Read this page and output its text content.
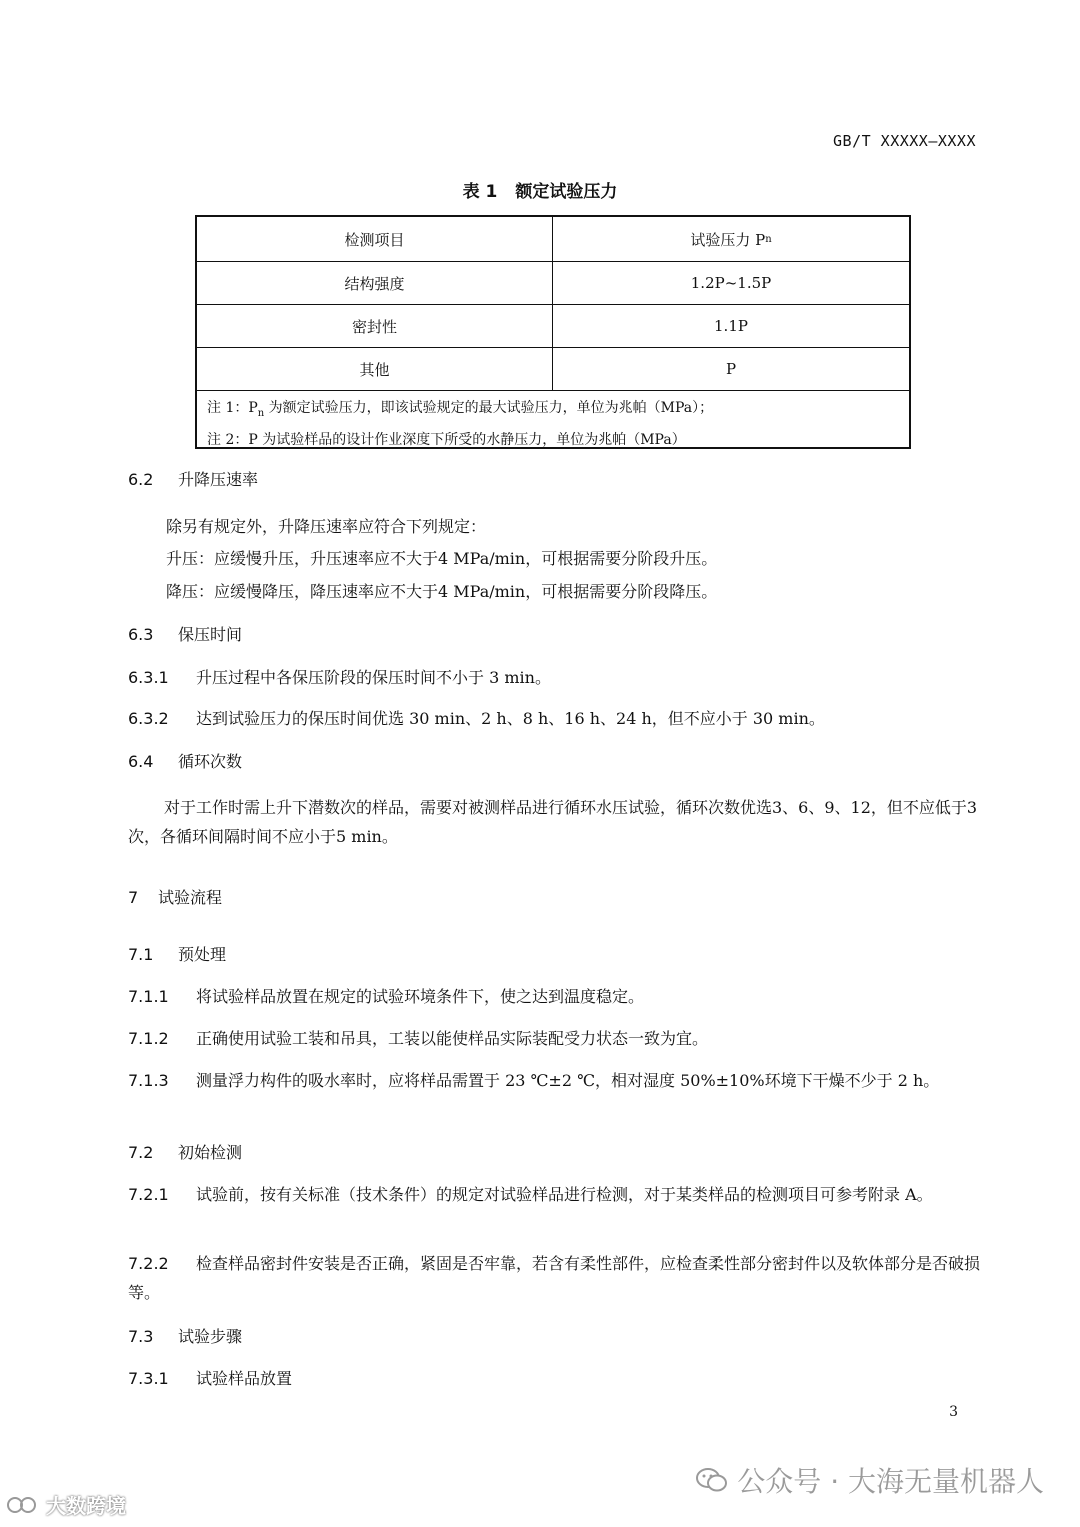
GB/T XXXXX—XXXX
表 1 额定试验压力
检测项目	试验压力 P n
结构强度	1.2P~1.5P
密封性	1.1P
其他	P
注 1：$P_n$ 为额定试验压力，即该试验规定的最大试验压力，单位为兆帕（MPa）；
注 2：P 为试验样品的设计作业深度下所受的水静压力，单位为兆帕（MPa）
6.2 升降压速率
除另有规定外，升降压速率应符合下列规定：
升压：应缓慢升压，升压速率应不大于4 MPa/min，可根据需要分阶段升压。
降压：应缓慢降压，降压速率应不大于4 MPa/min，可根据需要分阶段降压。
6.3 保压时间
6.3.1 升压过程中各保压阶段的保压时间不小于 3 min。
6.3.2 达到试验压力的保压时间优选 30 min、2 h、8 h、16 h、24 h，但不应小于 30 min。
6.4 循环次数
对于工作时需上升下潜数次的样品，需要对被测样品进行循环水压试验，循环次数优选3、6、9、12，但不应低于3次，各循环间隔时间不应小于5 min。
7 试验流程
7.1 预处理
7.1.1 将试验样品放置在规定的试验环境条件下，使之达到温度稳定。
7.1.2 正确使用试验工装和吊具，工装以能使样品实际装配受力状态一致为宜。
7.1.3 测量浮力构件的吸水率时，应将样品需置于 23 ℃±2 ℃，相对湿度 50%±10%环境下干燥不少于 2 h。
7.2 初始检测
7.2.1 试验前，按有关标准（技术条件）的规定对试验样品进行检测，对于某类样品的检测项目可参考附录 A。
7.2.2 检查样品密封件安装是否正确，紧固是否牢靠，若含有柔性部件，应检查柔性部分密封件以及软体部分是否破损等。
7.3 试验步骤
7.3.1 试验样品放置
3
公众号 · 大海无量机器人
大数跨境
